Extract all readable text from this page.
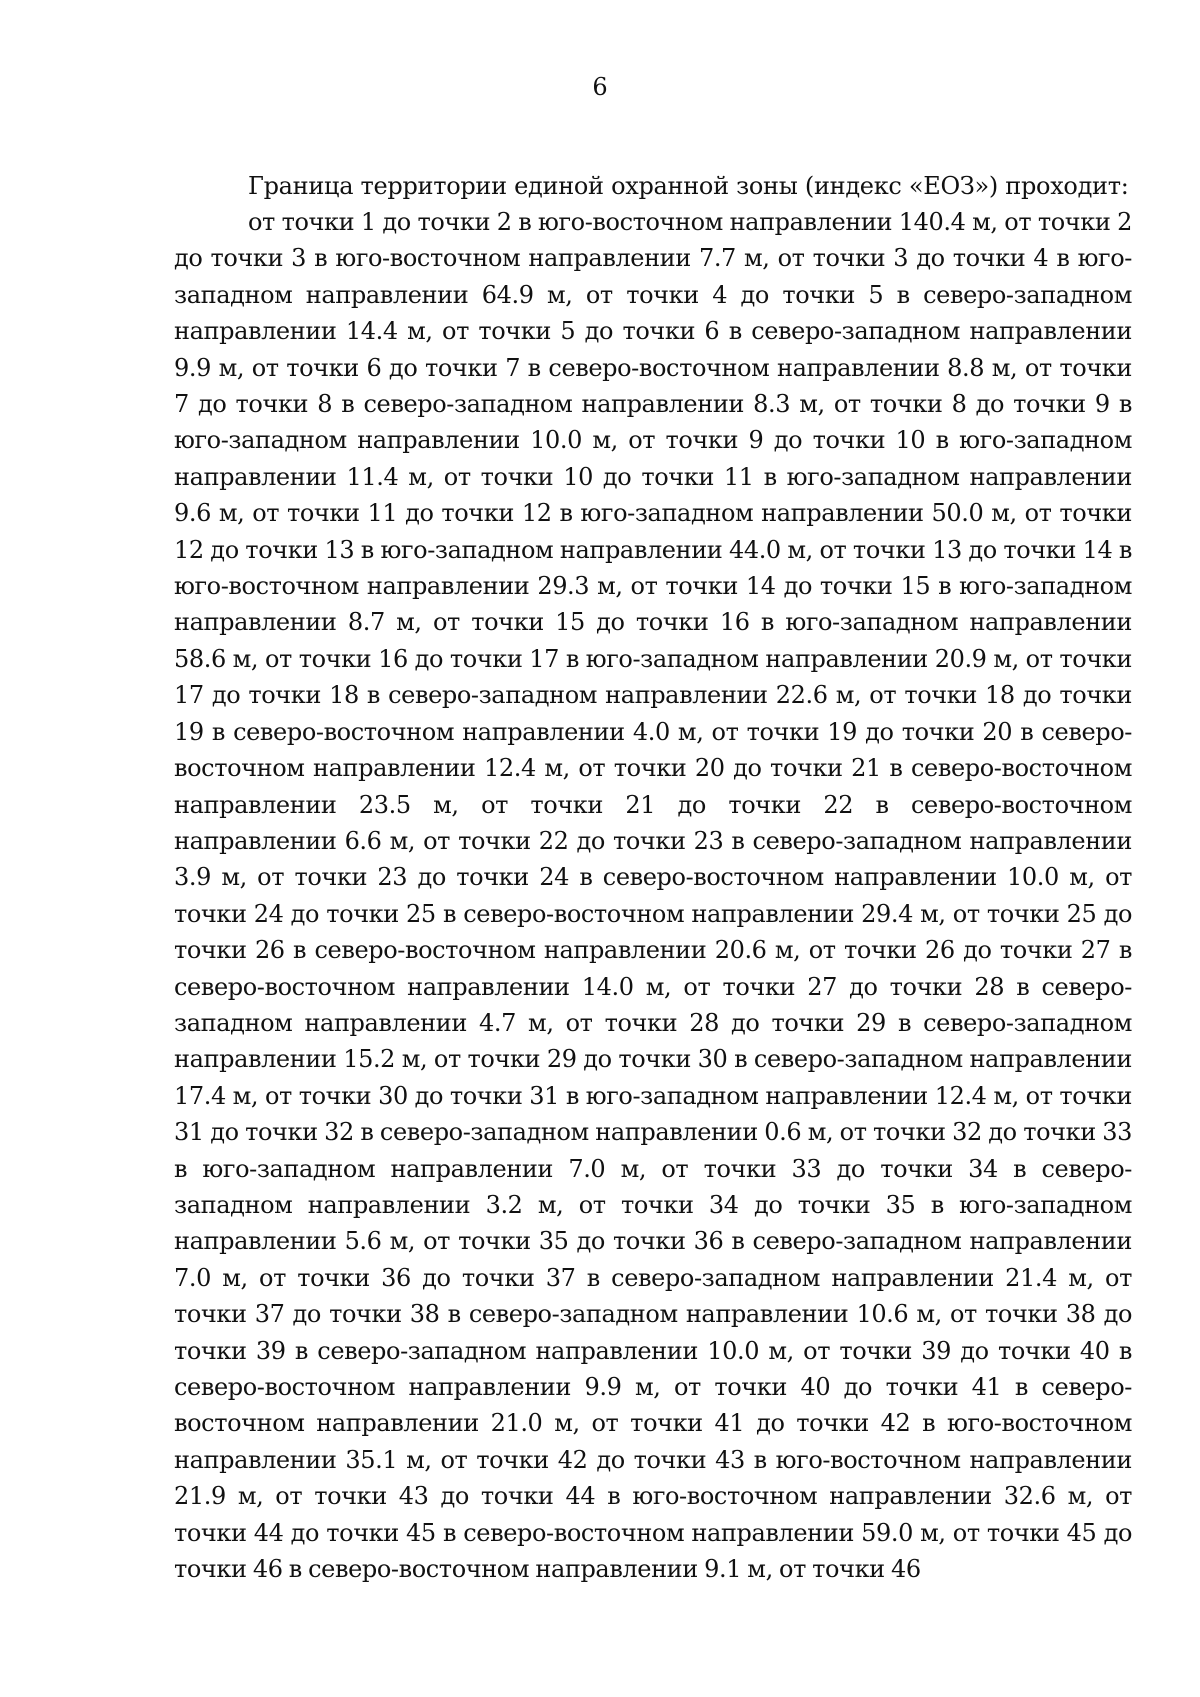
6
Граница территории единой охранной зоны (индекс «ЕОЗ») проходит:

от точки 1 до точки 2 в юго-восточном направлении 140.4 м, от точки 2 до точки 3 в юго-восточном направлении 7.7 м, от точки 3 до точки 4 в юго-западном направлении 64.9 м, от точки 4 до точки 5 в северо-западном направлении 14.4 м, от точки 5 до точки 6 в северо-западном направлении 9.9 м, от точки 6 до точки 7 в северо-восточном направлении 8.8 м, от точки 7 до точки 8 в северо-западном направлении 8.3 м, от точки 8 до точки 9 в юго-западном направлении 10.0 м, от точки 9 до точки 10 в юго-западном направлении 11.4 м, от точки 10 до точки 11 в юго-западном направлении 9.6 м, от точки 11 до точки 12 в юго-западном направлении 50.0 м, от точки 12 до точки 13 в юго-западном направлении 44.0 м, от точки 13 до точки 14 в юго-восточном направлении 29.3 м, от точки 14 до точки 15 в юго-западном направлении 8.7 м, от точки 15 до точки 16 в юго-западном направлении 58.6 м, от точки 16 до точки 17 в юго-западном направлении 20.9 м, от точки 17 до точки 18 в северо-западном направлении 22.6 м, от точки 18 до точки 19 в северо-восточном направлении 4.0 м, от точки 19 до точки 20 в северо-восточном направлении 12.4 м, от точки 20 до точки 21 в северо-восточном направлении 23.5 м, от точки 21 до точки 22 в северо-восточном направлении 6.6 м, от точки 22 до точки 23 в северо-западном направлении 3.9 м, от точки 23 до точки 24 в северо-восточном направлении 10.0 м, от точки 24 до точки 25 в северо-восточном направлении 29.4 м, от точки 25 до точки 26 в северо-восточном направлении 20.6 м, от точки 26 до точки 27 в северо-восточном направлении 14.0 м, от точки 27 до точки 28 в северо-западном направлении 4.7 м, от точки 28 до точки 29 в северо-западном направлении 15.2 м, от точки 29 до точки 30 в северо-западном направлении 17.4 м, от точки 30 до точки 31 в юго-западном направлении 12.4 м, от точки 31 до точки 32 в северо-западном направлении 0.6 м, от точки 32 до точки 33 в юго-западном направлении 7.0 м, от точки 33 до точки 34 в северо-западном направлении 3.2 м, от точки 34 до точки 35 в юго-западном направлении 5.6 м, от точки 35 до точки 36 в северо-западном направлении 7.0 м, от точки 36 до точки 37 в северо-западном направлении 21.4 м, от точки 37 до точки 38 в северо-западном направлении 10.6 м, от точки 38 до точки 39 в северо-западном направлении 10.0 м, от точки 39 до точки 40 в северо-восточном направлении 9.9 м, от точки 40 до точки 41 в северо-восточном направлении 21.0 м, от точки 41 до точки 42 в юго-восточном направлении 35.1 м, от точки 42 до точки 43 в юго-восточном направлении 21.9 м, от точки 43 до точки 44 в юго-восточном направлении 32.6 м, от точки 44 до точки 45 в северо-восточном направлении 59.0 м, от точки 45 до точки 46 в северо-восточном направлении 9.1 м, от точки 46
